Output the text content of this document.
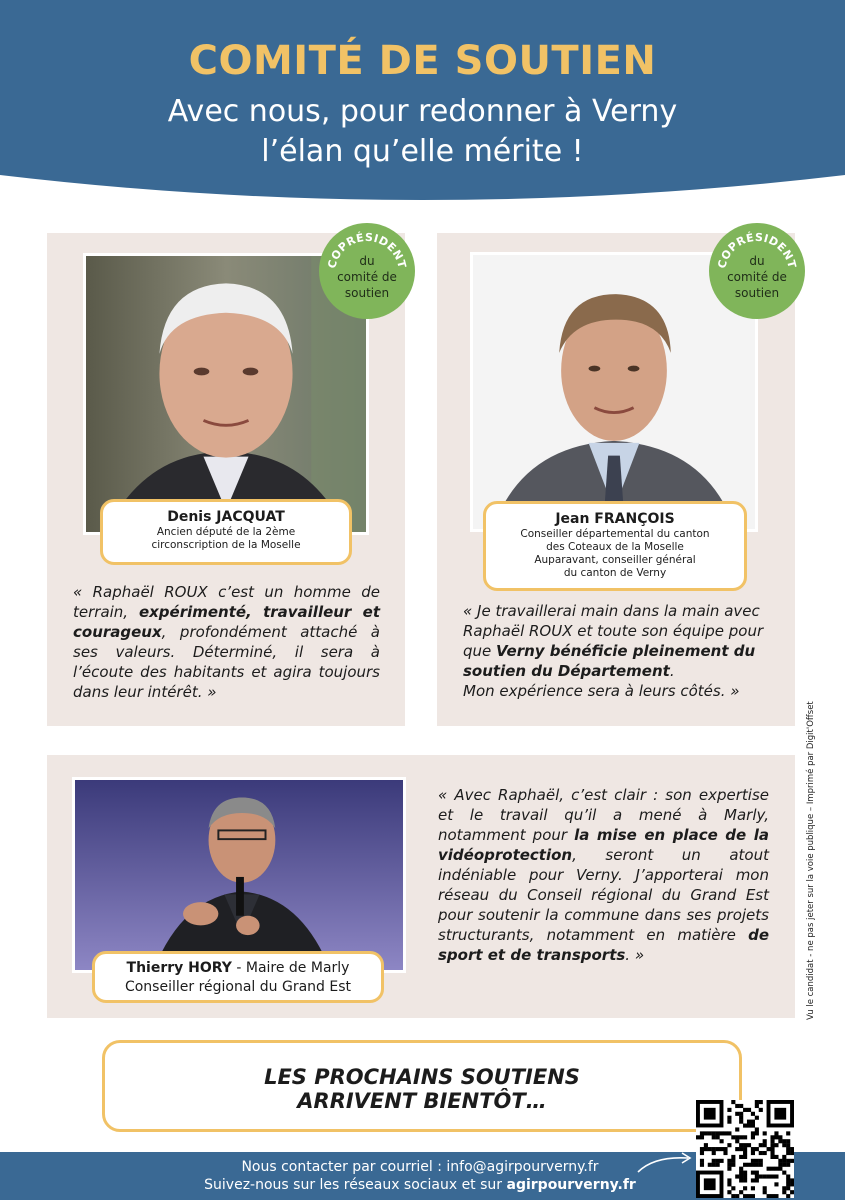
COMITÉ DE SOUTIEN
Avec nous, pour redonner à Verny
l’élan qu’elle mérite !
Denis JACQUAT
Ancien député de la 2ème
circonscription de la Moselle
« Raphaël ROUX c’est un homme de terrain, expérimenté, travailleur et courageux, profondément attaché à ses valeurs. Déterminé, il sera à l’écoute des habitants et agira toujours dans leur intérêt. »
COPRÉSIDENT
du
comité de
soutien
Jean FRANÇOIS
Conseiller départemental du canton
des Coteaux de la Moselle
Auparavant, conseiller général
du canton de Verny
« Je travaillerai main dans la main avec Raphaël ROUX et toute son équipe pour que Verny bénéficie pleinement du soutien du Département.
Mon expérience sera à leurs côtés. »
COPRÉSIDENT
du
comité de
soutien
Thierry HORY - Maire de Marly
Conseiller régional du Grand Est
« Avec Raphaël, c’est clair : son expertise et le travail qu’il a mené à Marly, notamment pour la mise en place de la vidéoprotection, seront un atout indéniable pour Verny. J’apporterai mon réseau du Conseil régional du Grand Est pour soutenir la commune dans ses projets structurants, notamment en matière de sport et de transports. »
LES PROCHAINS SOUTIENS
ARRIVENT BIENTÔT…
Nous contacter par courriel : info@agirpourverny.fr
Suivez-nous sur les réseaux sociaux et sur agirpourverny.fr
Vu le candidat - ne pas jeter sur la voie publique – Imprimé par Digit'Offset
